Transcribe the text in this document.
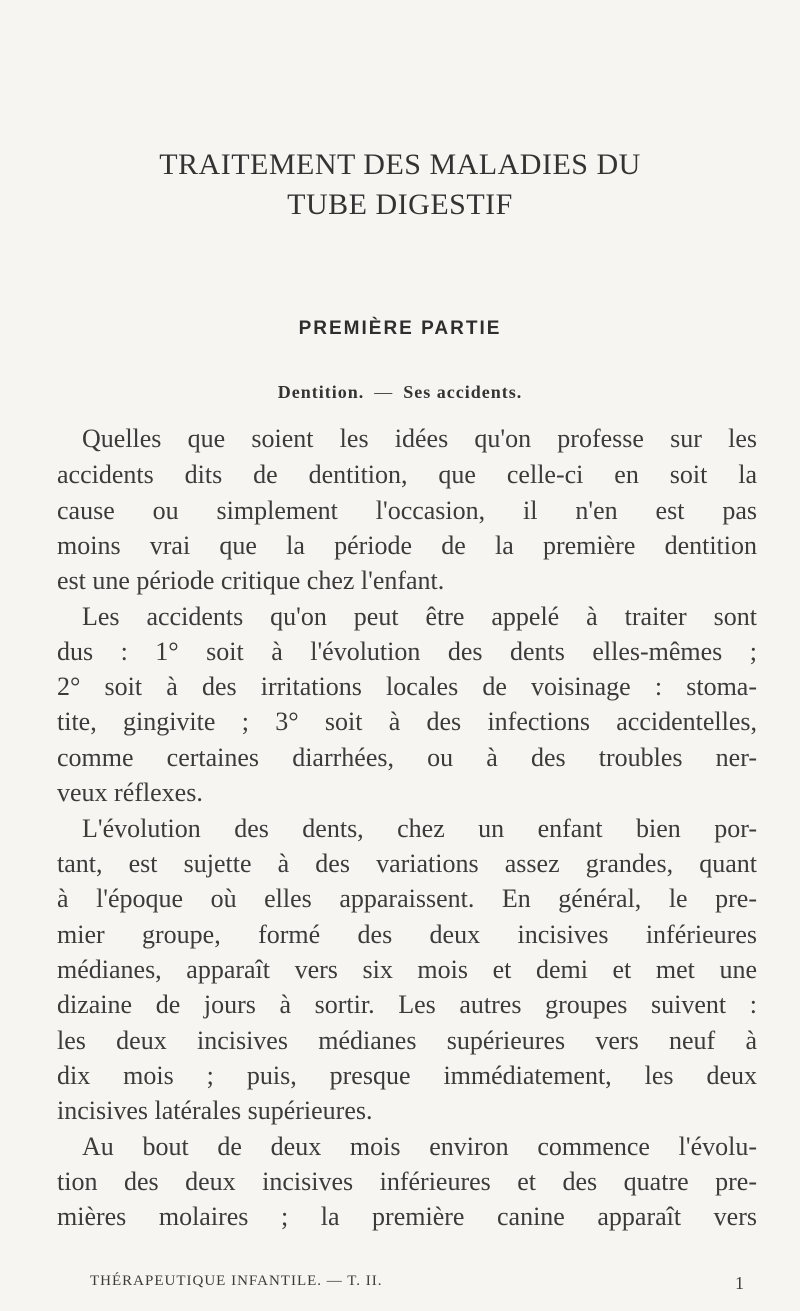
TRAITEMENT DES MALADIES DU
TUBE DIGESTIF
PREMIÈRE PARTIE
Dentition. — Ses accidents.
Quelles que soient les idées qu'on professe sur les
accidents dits de dentition, que celle-ci en soit la
cause ou simplement l'occasion, il n'en est pas
moins vrai que la période de la première dentition
est une période critique chez l'enfant.
Les accidents qu'on peut être appelé à traiter sont
dus : 1° soit à l'évolution des dents elles-mêmes ;
2° soit à des irritations locales de voisinage : stoma-
tite, gingivite ; 3° soit à des infections accidentelles,
comme certaines diarrhées, ou à des troubles ner-
veux réflexes.
L'évolution des dents, chez un enfant bien por-
tant, est sujette à des variations assez grandes, quant
à l'époque où elles apparaissent. En général, le pre-
mier groupe, formé des deux incisives inférieures
médianes, apparaît vers six mois et demi et met une
dizaine de jours à sortir. Les autres groupes suivent :
les deux incisives médianes supérieures vers neuf à
dix mois ; puis, presque immédiatement, les deux
incisives latérales supérieures.
Au bout de deux mois environ commence l'évolu-
tion des deux incisives inférieures et des quatre pre-
mières molaires ; la première canine apparaît vers
THÉRAPEUTIQUE INFANTILE. — T. II.	1
